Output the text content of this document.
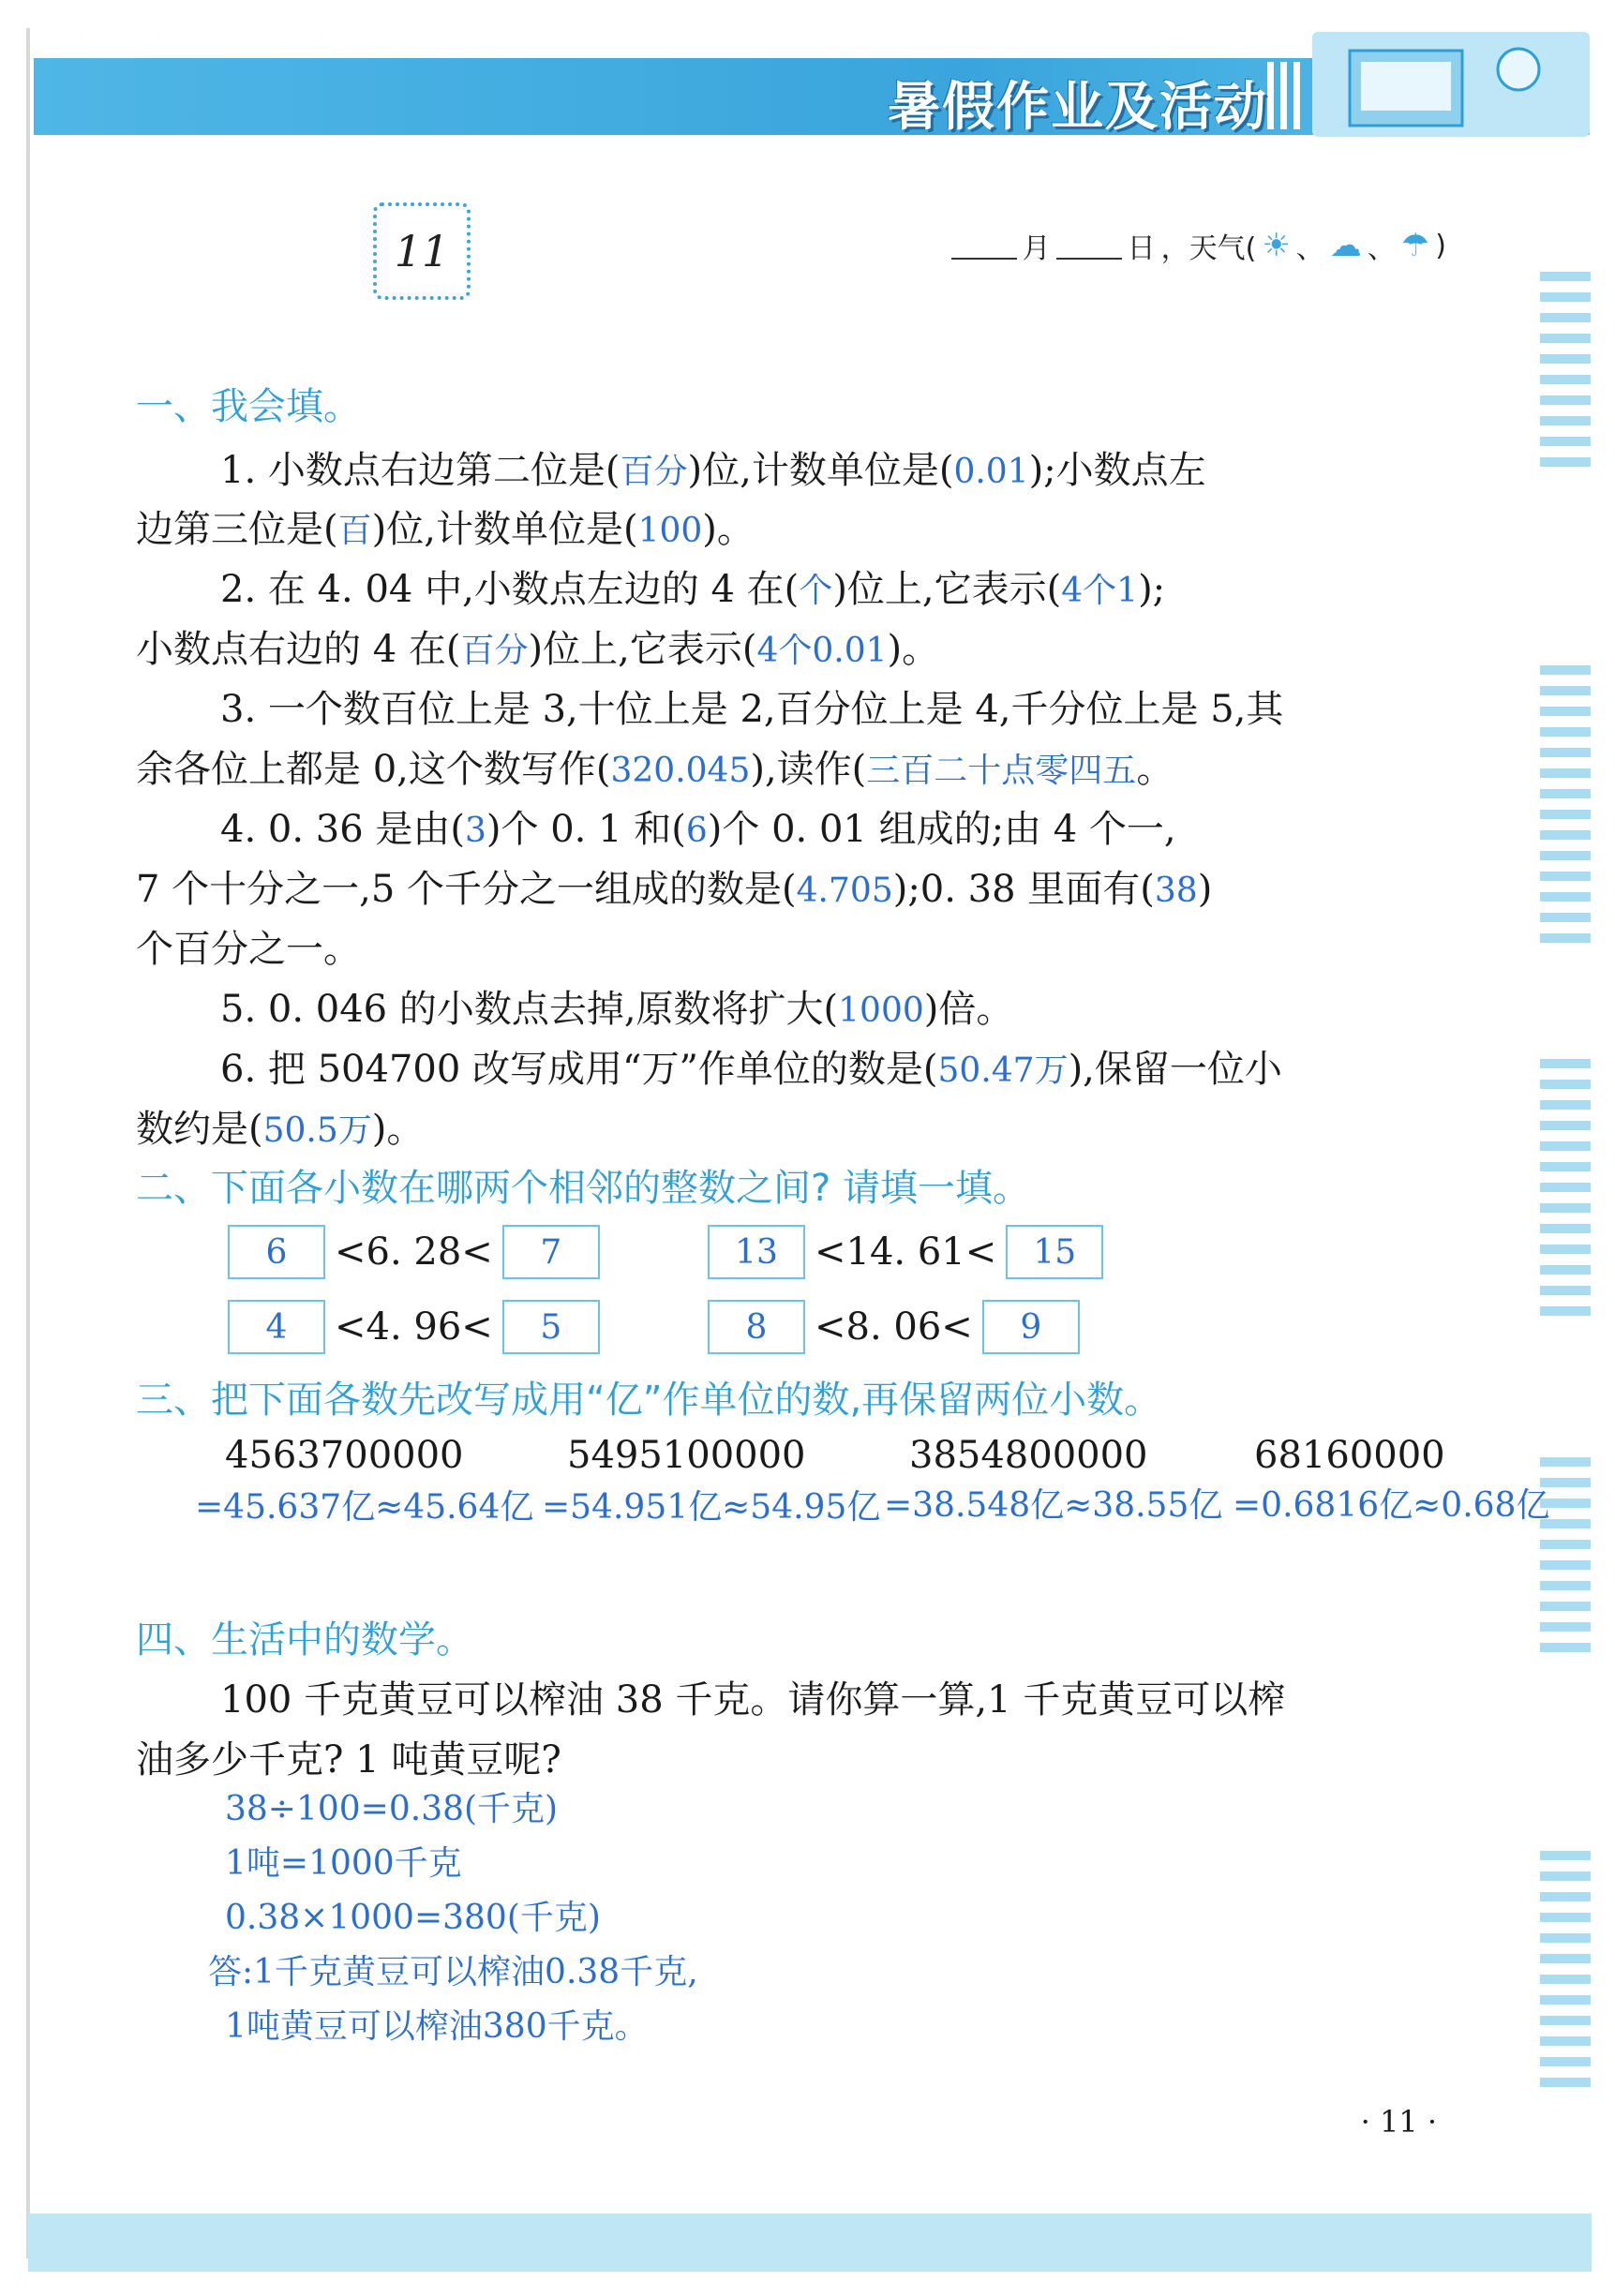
暑假作业及活动
11	月	日 ，天气( ☀ 、 ☁ 、 ☂ )
一、我会填。
1. 小数点右边第二位是(百分)位,计数单位是(0.01);小数点左
边第三位是(百)位,计数单位是(100)。
2. 在 4. 04 中,小数点左边的 4 在(个)位上,它表示(4个1);
小数点右边的 4 在(百分)位上,它表示(4个0.01)。
3. 一个数百位上是 3,十位上是 2,百分位上是 4,千分位上是 5,其
余各位上都是 0,这个数写作(320.045),读作(三百二十点零四五。
4. 0. 36 是由(3)个 0. 1 和(6)个 0. 01 组成的;由 4 个一,
7 个十分之一,5 个千分之一组成的数是(4.705);0. 38 里面有(38)
个百分之一。
5. 0. 046 的小数点去掉,原数将扩大(1000)倍。
6. 把 504700 改写成用“万”作单位的数是(50.47万),保留一位小
数约是(50.5万)。
二、下面各小数在哪两个相邻的整数之间? 请填一填。
6	<6. 28<	7	13 <14. 61<	15
4	<4. 96<	5	8	<8. 06<	9
三、把下面各数先改写成用“亿”作单位的数,再保留两位小数。
4563700000	5495100000	3854800000	68160000
=45.637亿≈45.64亿 =54.951亿≈54.95亿 =38.548亿≈38.55亿 =0.6816亿≈0.68亿
四、生活中的数学。
100 千克黄豆可以榨油 38 千克。请你算一算,1 千克黄豆可以榨
油多少千克? 1 吨黄豆呢?
38÷100=0.38(千克)
1吨=1000千克
0.38×1000=380(千克)
答:1千克黄豆可以榨油0.38千克,
1吨黄豆可以榨油380千克。
· 11 ·
